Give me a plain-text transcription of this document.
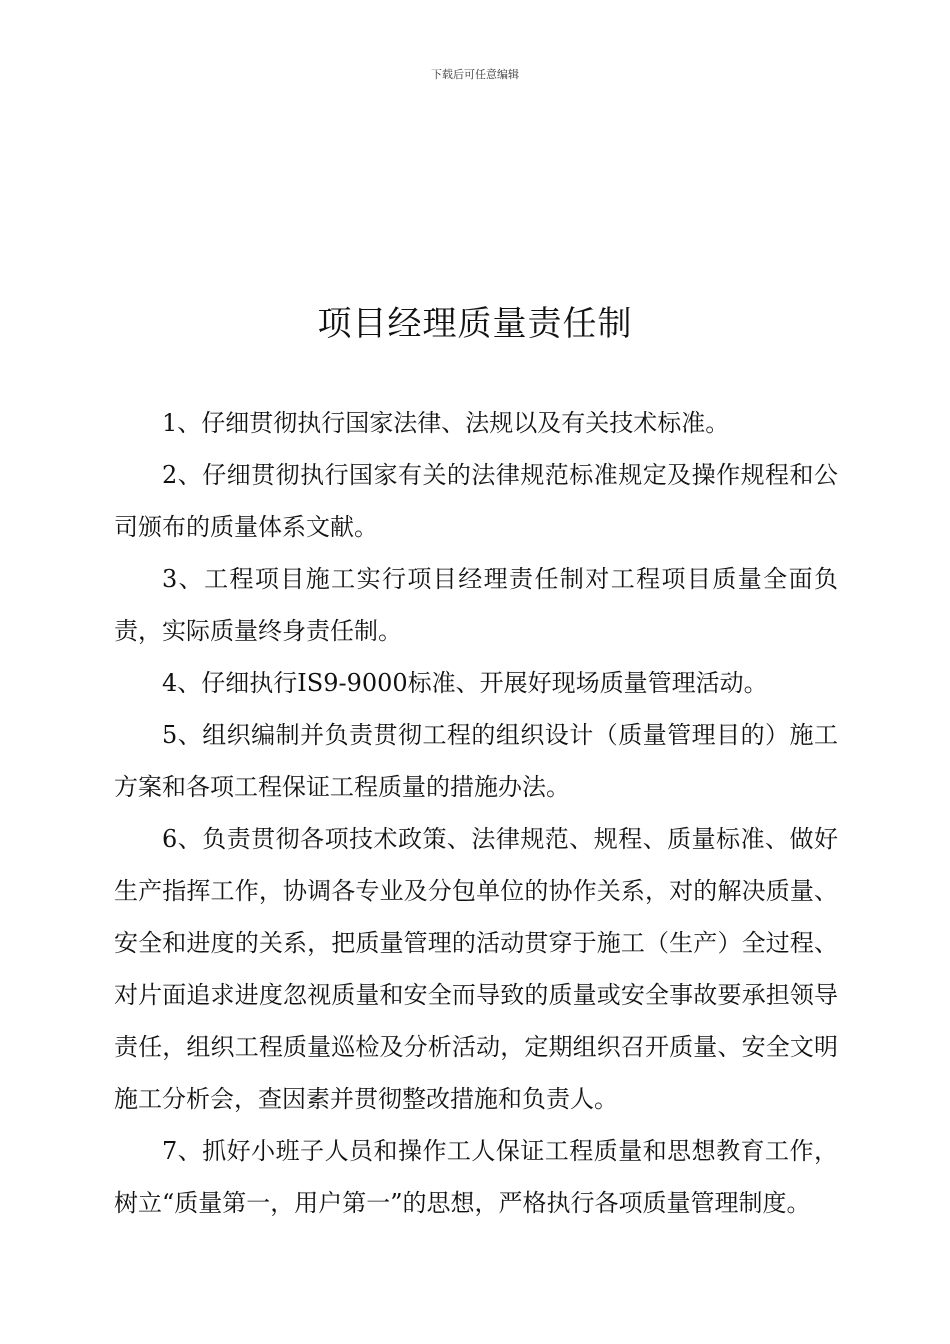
下载后可任意编辑
项目经理质量责任制

1、仔细贯彻执行国家法律、法规以及有关技术标准。

2、仔细贯彻执行国家有关的法律规范标准规定及操作规程和公司颁布的质量体系文献。

3、工程项目施工实行项目经理责任制对工程项目质量全面负责，实际质量终身责任制。

4、仔细执行IS9-9000标准、开展好现场质量管理活动。

5、组织编制并负责贯彻工程的组织设计（质量管理目的）施工方案和各项工程保证工程质量的措施办法。

6、负责贯彻各项技术政策、法律规范、规程、质量标准、做好生产指挥工作，协调各专业及分包单位的协作关系，对的解决质量、安全和进度的关系，把质量管理的活动贯穿于施工（生产）全过程、对片面追求进度忽视质量和安全而导致的质量或安全事故要承担领导责任，组织工程质量巡检及分析活动，定期组织召开质量、安全文明施工分析会，查因素并贯彻整改措施和负责人。

7、抓好小班子人员和操作工人保证工程质量和思想教育工作，树立“质量第一，用户第一”的思想，严格执行各项质量管理制度。
